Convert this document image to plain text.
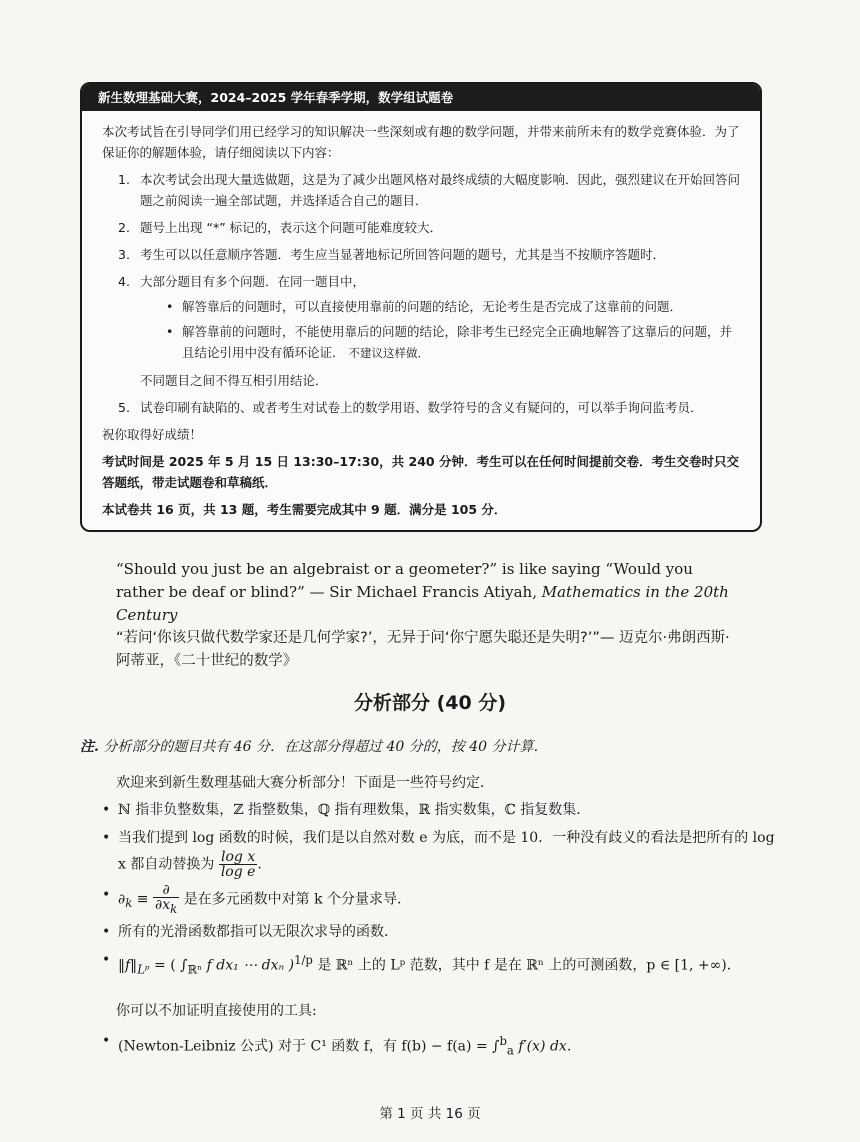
新生数理基础大赛，2024–2025 学年春季学期，数学组试题卷

本次考试旨在引导同学们用已经学习的知识解决一些深刻或有趣的数学问题，并带来前所未有的数学竞赛体验．为了保证你的解题体验，请仔细阅读以下内容：

1. 本次考试会出现大量选做题，这是为了减少出题风格对最终成绩的大幅度影响．因此，强烈建议在开始回答问题之前阅读一遍全部试题，并选择适合自己的题目．
2. 题号上出现 “*” 标记的，表示这个问题可能难度较大．
3. 考生可以以任意顺序答题．考生应当显著地标记所回答问题的题号，尤其是当不按顺序答题时．
4. 大部分题目有多个问题．在同一题目中，
• 解答靠后的问题时，可以直接使用靠前的问题的结论，无论考生是否完成了这靠前的问题．
• 解答靠前的问题时，不能使用靠后的问题的结论，除非考生已经完全正确地解答了这靠后的问题，并且结论引用中没有循环论证． 不建议这样做．
不同题目之间不得互相引用结论．
5. 试卷印刷有缺陷的、或者考生对试卷上的数学用语、数学符号的含义有疑问的，可以举手询问监考员．

祝你取得好成绩！

考试时间是 2025 年 5 月 15 日 13:30–17:30，共 240 分钟．考生可以在任何时间提前交卷．考生交卷时只交答题纸，带走试题卷和草稿纸．

本试卷共 16 页，共 13 题，考生需要完成其中 9 题．满分是 105 分．

“Should you just be an algebraist or a geometer?” is like saying “Would you rather be deaf or blind?” — Sir Michael Francis Atiyah, Mathematics in the 20th Century
“若问‘你该只做代数学家还是几何学家?’，无异于问‘你宁愿失聪还是失明?’”— 迈克尔·弗朗西斯·阿蒂亚，《二十世纪的数学》
分析部分 (40 分)
注. 分析部分的题目共有 46 分．在这部分得超过 40 分的，按 40 分计算．
欢迎来到新生数理基础大赛分析部分！下面是一些符号约定．
• ℕ 指非负整数集，ℤ 指整数集，ℚ 指有理数集，ℝ 指实数集，ℂ 指复数集．
• 当我们提到 log 函数的时候，我们是以自然对数 e 为底，而不是 10．一种没有歧义的看法是把所有的 log x 都自动替换为 $\frac{\text{log x}}{\text{log e}}$ .
• $\partial_k \equiv \frac{\partial}{\partial x_k}$ 是在多元函数中对第 k 个分量求导．
• 所有的光滑函数都指可以无限次求导的函数．
• $‖f‖_{Lᵖ}$ = ( $\int_{ℝ^n}$ f dx₁ ⋯ dxₙ )$^{1/p}$ 是 ℝⁿ 上的 Lᵖ 范数，其中 f 是在 ℝⁿ 上的可测函数，p ∈ [1, +∞)．
你可以不加证明直接使用的工具:
• (Newton-Leibniz 公式) 对于 C¹ 函数 f，有 f(b) − f(a) = ∫$^b_a$ f′(x) dx．
第 1 页 共 16 页
